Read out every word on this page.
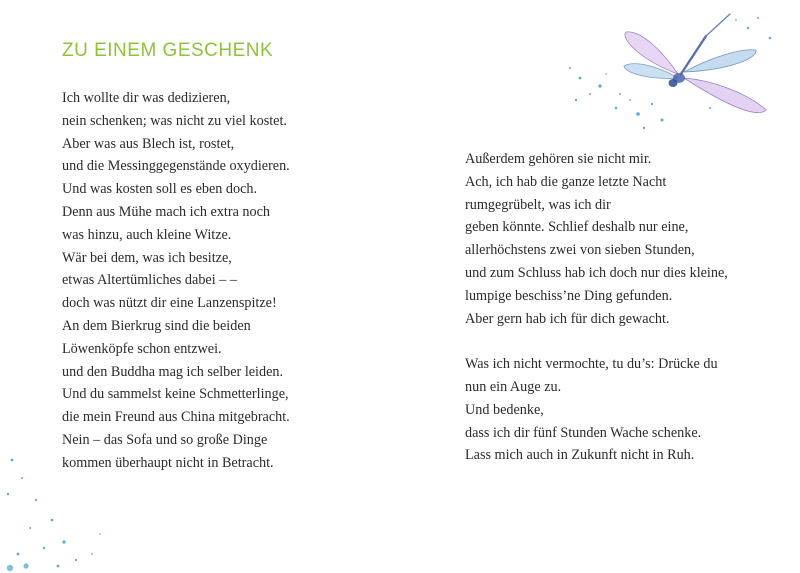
ZU EINEM GESCHENK
Ich wollte dir was dedizieren,
nein schenken; was nicht zu viel kostet.
Aber was aus Blech ist, rostet,
und die Messinggegenstände oxydieren.
Und was kosten soll es eben doch.
Denn aus Mühe mach ich extra noch
was hinzu, auch kleine Witze.
Wär bei dem, was ich besitze,
etwas Altertümliches dabei – –
doch was nützt dir eine Lanzenspitze!
An dem Bierkrug sind die beiden
Löwenköpfe schon entzwei.
und den Buddha mag ich selber leiden.
Und du sammelst keine Schmetterlinge,
die mein Freund aus China mitgebracht.
Nein – das Sofa und so große Dinge
kommen überhaupt nicht in Betracht.
Außerdem gehören sie nicht mir.
Ach, ich hab die ganze letzte Nacht
rumgegrübelt, was ich dir
geben könnte. Schlief deshalb nur eine,
allerhöchstens zwei von sieben Stunden,
und zum Schluss hab ich doch nur dies kleine,
lumpige beschiss’ne Ding gefunden.
Aber gern hab ich für dich gewacht.
Was ich nicht vermochte, tu du’s: Drücke du
nun ein Auge zu.
Und bedenke,
dass ich dir fünf Stunden Wache schenke.
Lass mich auch in Zukunft nicht in Ruh.
